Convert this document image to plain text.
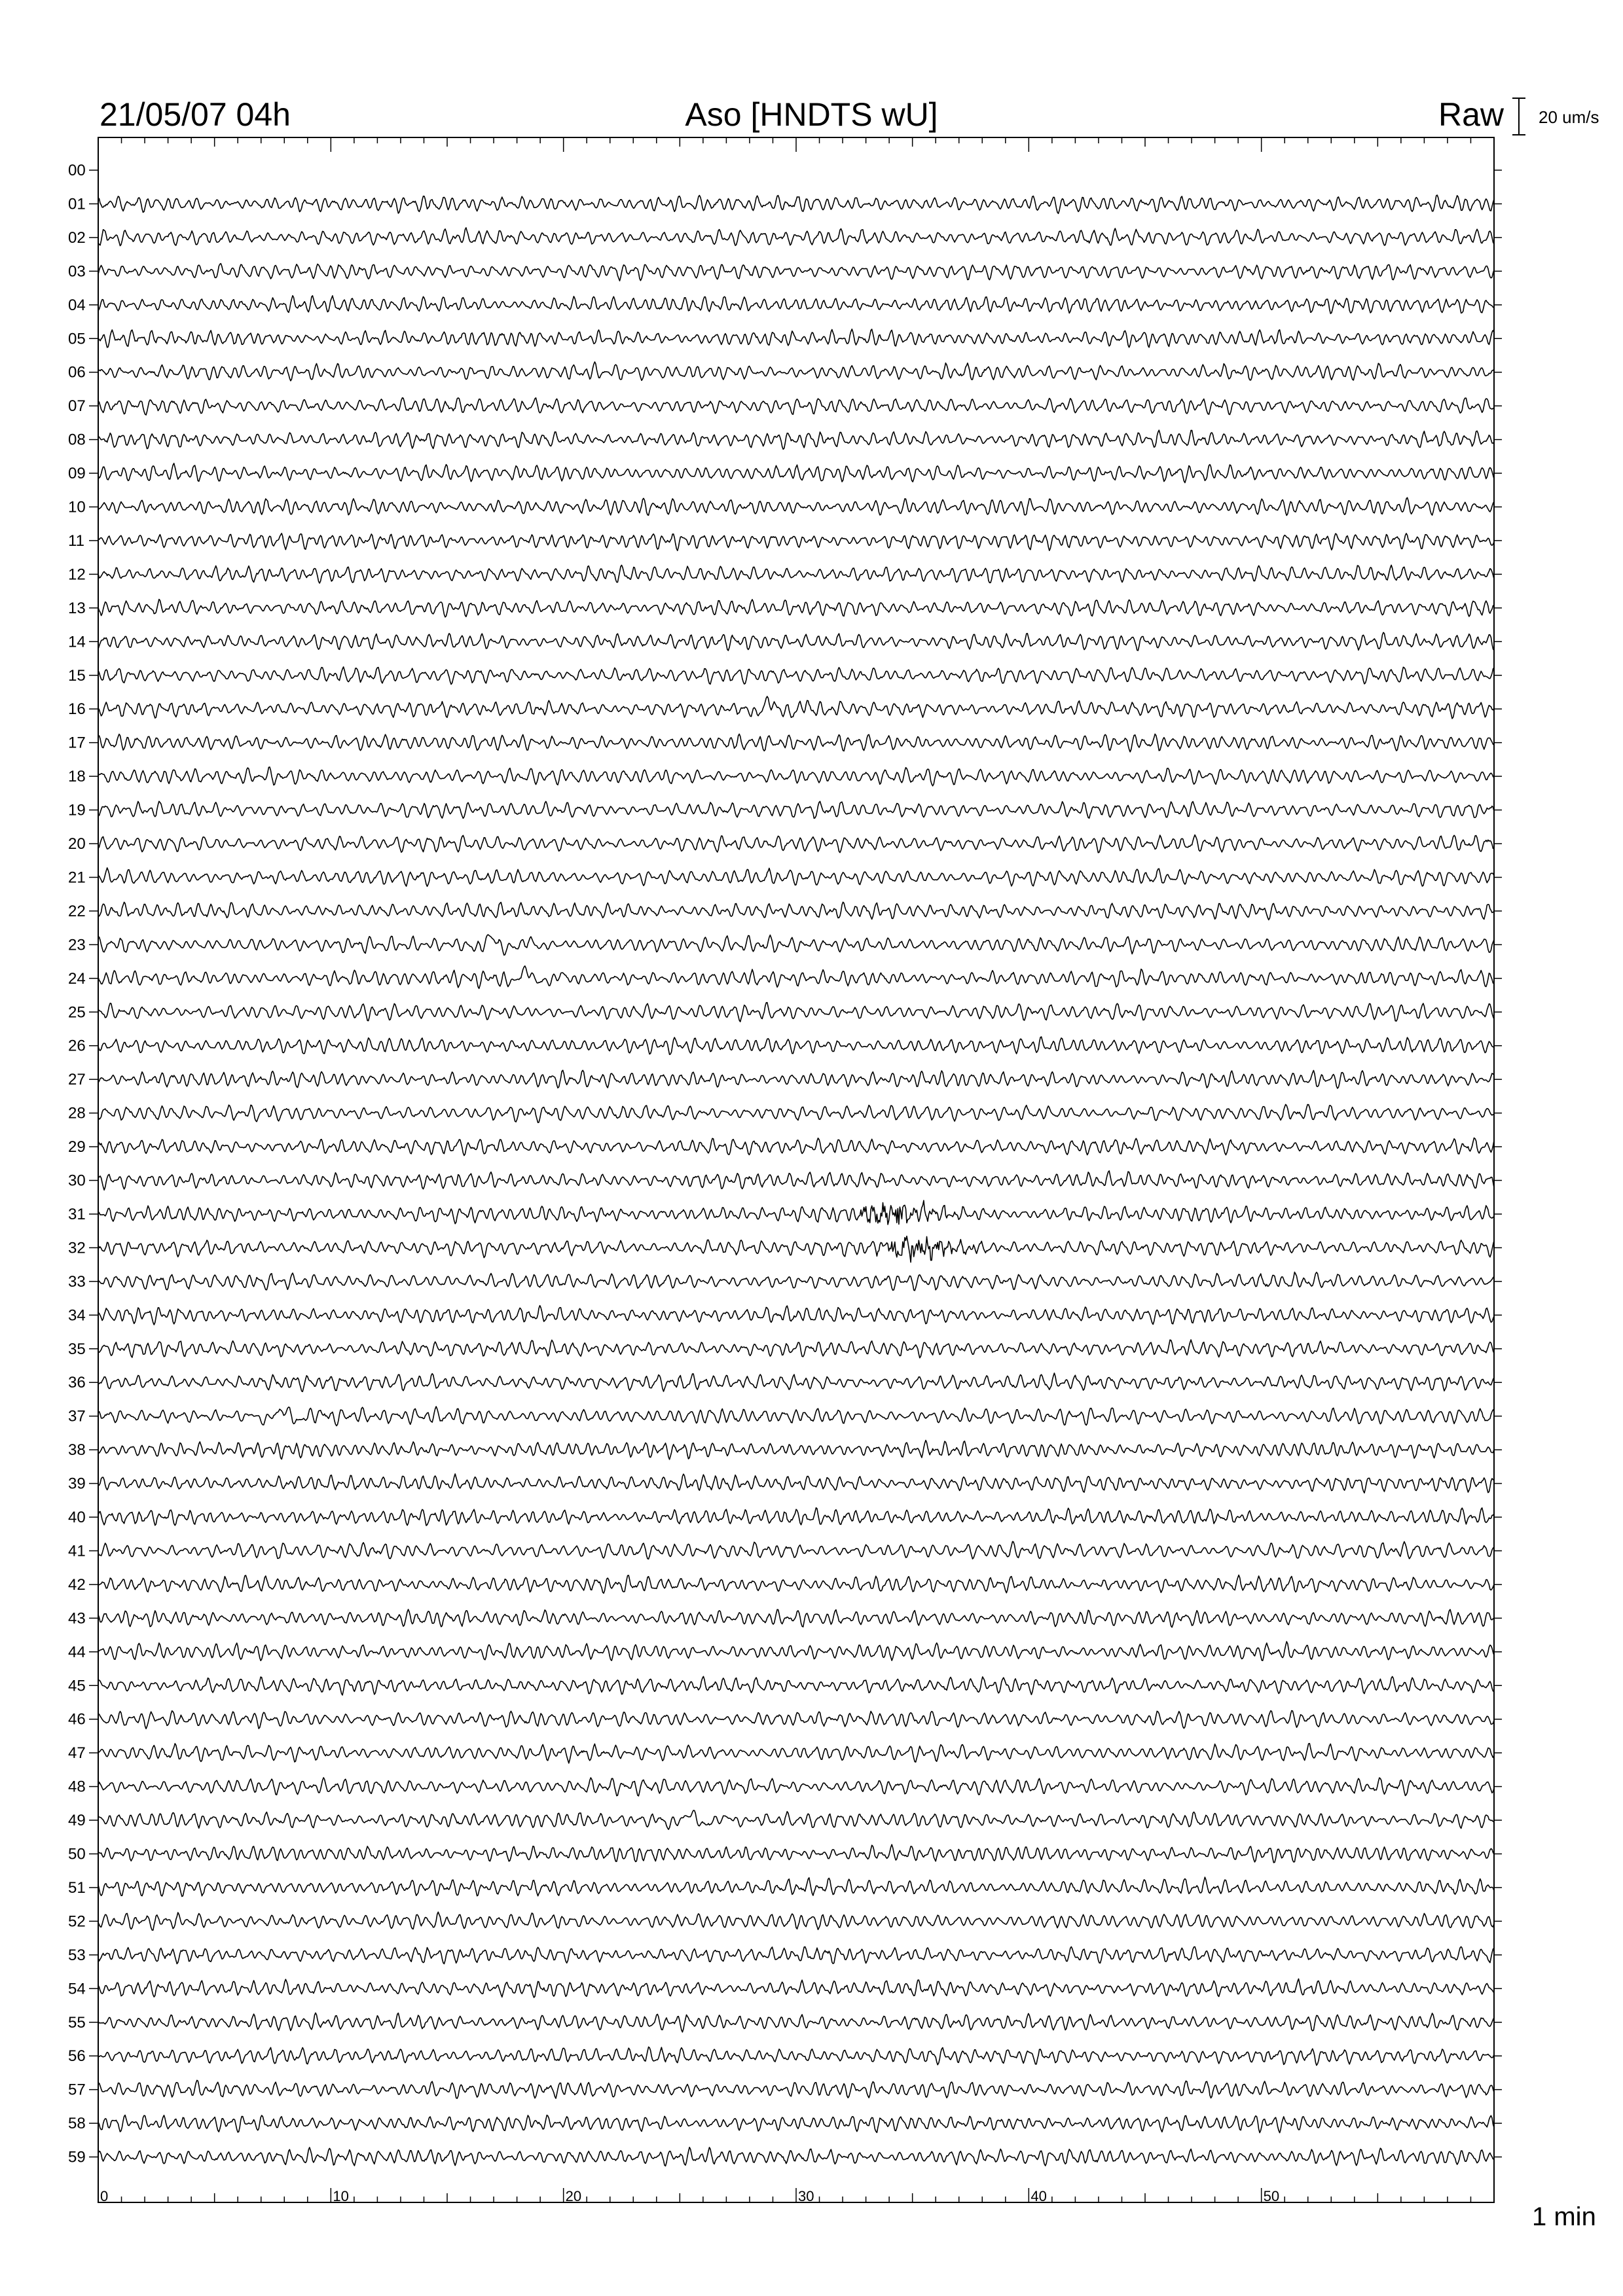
0	10	20	30	40	50
00
01
02
03
04
05
06
07
08
09
10
11
12
13
14
15
16
17
18
19
20
21
22
23
24
25
26
27
28
29
30
31
32
33
34
35
36
37
38
39
40
41
42
43
44
45
46
47
48
49
50
51
52
53
54
55
56
57
58
59
21/05/07 04h	Aso [HNDTS wU]	Raw 20 um/s
1 min
